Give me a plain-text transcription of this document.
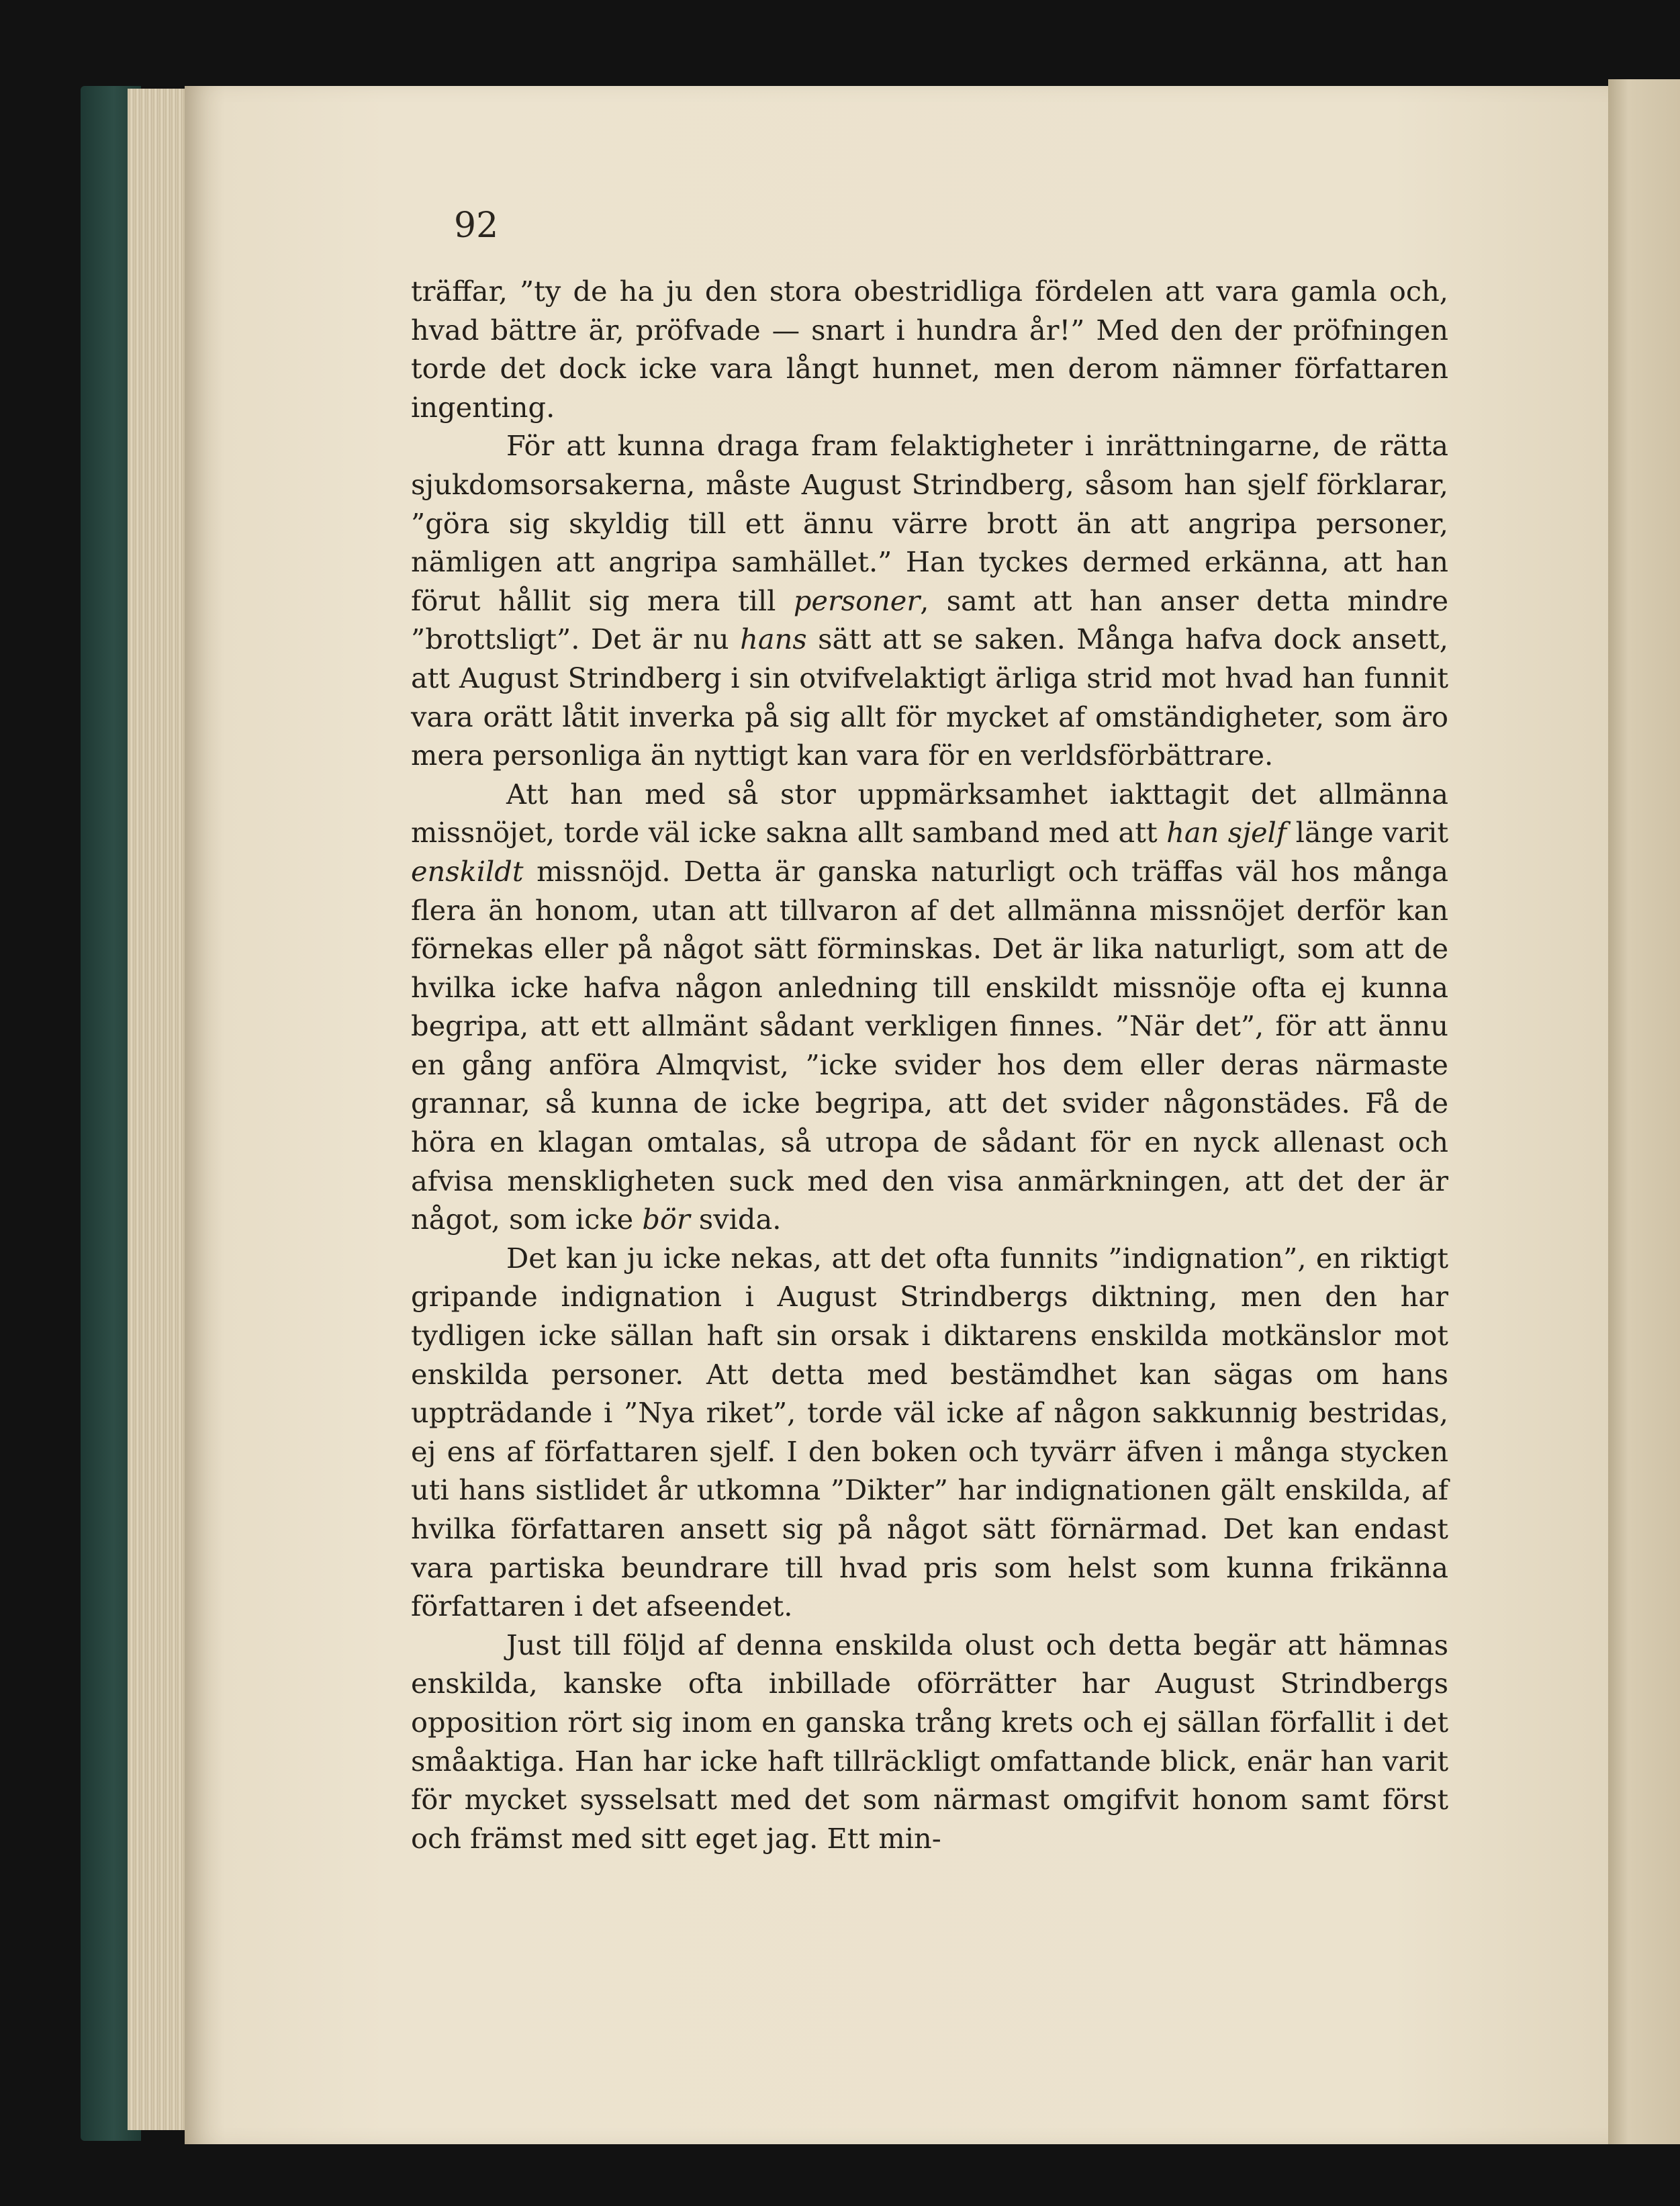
92

träffar, ”ty de ha ju den stora obestridliga fördelen att vara gamla och, hvad bättre är, pröfvade — snart i hundra år!” Med den der pröfningen torde det dock icke vara långt hunnet, men derom nämner författaren ingenting.

För att kunna draga fram felaktigheter i inrättningarne, de rätta sjukdomsorsakerna, måste August Strindberg, såsom han sjelf förklarar, ”göra sig skyldig till ett ännu värre brott än att angripa personer, nämligen att angripa samhället.” Han tyckes dermed erkänna, att han förut hållit sig mera till personer, samt att han anser detta mindre ”brottsligt”. Det är nu hans sätt att se saken. Många hafva dock ansett, att August Strindberg i sin otvifvelaktigt ärliga strid mot hvad han funnit vara orätt låtit inverka på sig allt för mycket af omständigheter, som äro mera personliga än nyttigt kan vara för en verldsförbättrare.

Att han med så stor uppmärksamhet iakttagit det allmänna missnöjet, torde väl icke sakna allt samband med att han sjelf länge varit enskildt missnöjd. Detta är ganska naturligt och träffas väl hos många flera än honom, utan att tillvaron af det allmänna missnöjet derför kan förnekas eller på något sätt förminskas. Det är lika naturligt, som att de hvilka icke hafva någon anledning till enskildt missnöje ofta ej kunna begripa, att ett allmänt sådant verkligen finnes. ”När det”, för att ännu en gång anföra Almqvist, ”icke svider hos dem eller deras närmaste grannar, så kunna de icke begripa, att det svider någonstädes. Få de höra en klagan omtalas, så utropa de sådant för en nyck allenast och afvisa menskligheten suck med den visa anmärkningen, att det der är något, som icke bör svida.

Det kan ju icke nekas, att det ofta funnits ”indignation”, en riktigt gripande indignation i August Strindbergs diktning, men den har tydligen icke sällan haft sin orsak i diktarens enskilda motkänslor mot enskilda personer. Att detta med bestämdhet kan sägas om hans uppträdande i ”Nya riket”, torde väl icke af någon sakkunnig bestridas, ej ens af författaren sjelf. I den boken och tyvärr äfven i många stycken uti hans sistlidet år utkomna ”Dikter” har indignationen gält enskilda, af hvilka författaren ansett sig på något sätt förnärmad. Det kan endast vara partiska beundrare till hvad pris som helst som kunna frikänna författaren i det afseendet.

Just till följd af denna enskilda olust och detta begär att hämnas enskilda, kanske ofta inbillade oförrätter har August Strindbergs opposition rört sig inom en ganska trång krets och ej sällan förfallit i det småaktiga. Han har icke haft tillräckligt omfattande blick, enär han varit för mycket sysselsatt med det som närmast omgifvit honom samt först och främst med sitt eget jag. Ett min-
